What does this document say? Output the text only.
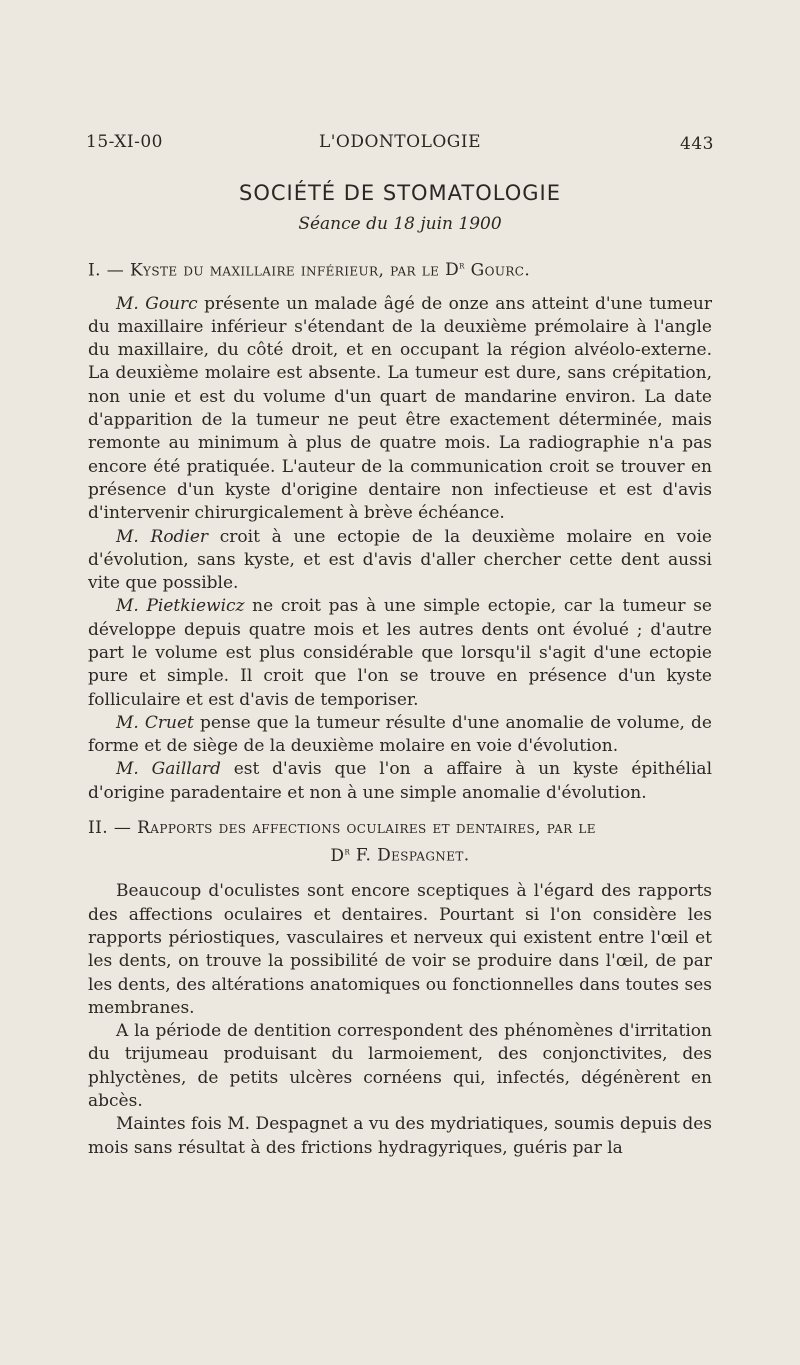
15-XI-00	L'ODONTOLOGIE	443
SOCIÉTÉ DE STOMATOLOGIE
Séance du 18 juin 1900
I. — Kyste du maxillaire inférieur, par le $D^r$ Gourc.

M. Gourc présente un malade âgé de onze ans atteint d'une tumeur du maxillaire inférieur s'étendant de la deuxième prémolaire à l'angle du maxillaire, du côté droit, et en occupant la région alvéolo-externe. La deuxième molaire est absente. La tumeur est dure, sans crépitation, non unie et est du volume d'un quart de mandarine environ. La date d'apparition de la tumeur ne peut être exactement déterminée, mais remonte au minimum à plus de quatre mois. La radiographie n'a pas encore été pratiquée. L'auteur de la communication croit se trouver en présence d'un kyste d'origine dentaire non infectieuse et est d'avis d'intervenir chirurgicalement à brève échéance.

M. Rodier croit à une ectopie de la deuxième molaire en voie d'évolution, sans kyste, et est d'avis d'aller chercher cette dent aussi vite que possible.

M. Pietkiewicz ne croit pas à une simple ectopie, car la tumeur se développe depuis quatre mois et les autres dents ont évolué ; d'autre part le volume est plus considérable que lorsqu'il s'agit d'une ectopie pure et simple. Il croit que l'on se trouve en présence d'un kyste folliculaire et est d'avis de temporiser.

M. Cruet pense que la tumeur résulte d'une anomalie de volume, de forme et de siège de la deuxième molaire en voie d'évolution.

M. Gaillard est d'avis que l'on a affaire à un kyste épithélial d'origine paradentaire et non à une simple anomalie d'évolution.

II. — Rapports des affections oculaires et dentaires, par le
$D^r$ F. Despagnet.

Beaucoup d'oculistes sont encore sceptiques à l'égard des rapports des affections oculaires et dentaires. Pourtant si l'on considère les rapports périostiques, vasculaires et nerveux qui existent entre l'œil et les dents, on trouve la possibilité de voir se produire dans l'œil, de par les dents, des altérations anatomiques ou fonctionnelles dans toutes ses membranes.

A la période de dentition correspondent des phénomènes d'irritation du trijumeau produisant du larmoiement, des conjonctivites, des phlyctènes, de petits ulcères cornéens qui, infectés, dégénèrent en abcès.

Maintes fois M. Despagnet a vu des mydriatiques, soumis depuis des mois sans résultat à des frictions hydragyriques, guéris par la
